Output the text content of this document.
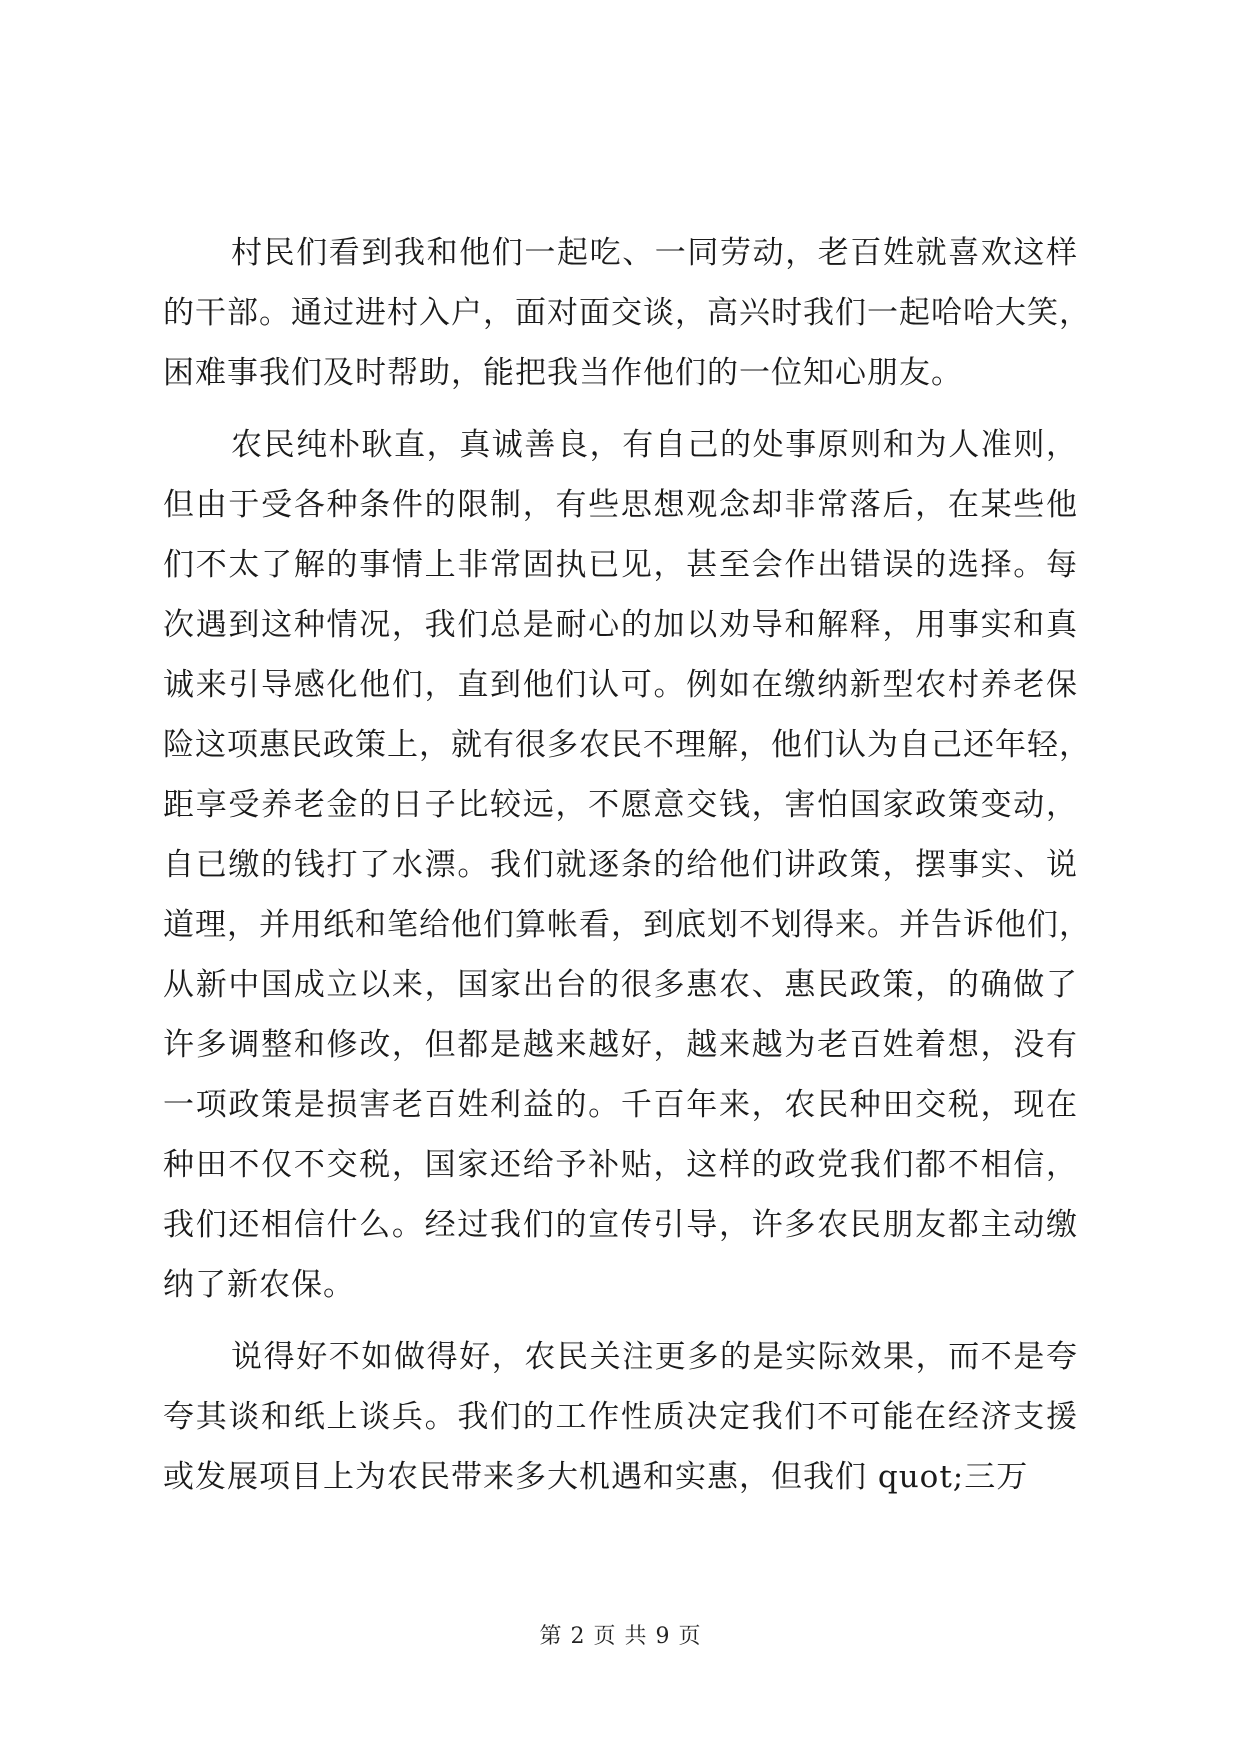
村民们看到我和他们一起吃、一同劳动，老百姓就喜欢这样
的干部。通过进村入户，面对面交谈，高兴时我们一起哈哈大笑，
困难事我们及时帮助，能把我当作他们的一位知心朋友。
农民纯朴耿直，真诚善良，有自己的处事原则和为人准则，
但由于受各种条件的限制，有些思想观念却非常落后，在某些他
们不太了解的事情上非常固执已见，甚至会作出错误的选择。每
次遇到这种情况，我们总是耐心的加以劝导和解释，用事实和真
诚来引导感化他们，直到他们认可。例如在缴纳新型农村养老保
险这项惠民政策上，就有很多农民不理解，他们认为自己还年轻，
距享受养老金的日子比较远，不愿意交钱，害怕国家政策变动，
自已缴的钱打了水漂。我们就逐条的给他们讲政策，摆事实、说
道理，并用纸和笔给他们算帐看，到底划不划得来。并告诉他们，
从新中国成立以来，国家出台的很多惠农、惠民政策，的确做了
许多调整和修改，但都是越来越好，越来越为老百姓着想，没有
一项政策是损害老百姓利益的。千百年来，农民种田交税，现在
种田不仅不交税，国家还给予补贴，这样的政党我们都不相信，
我们还相信什么。经过我们的宣传引导，许多农民朋友都主动缴
纳了新农保。
说得好不如做得好，农民关注更多的是实际效果，而不是夸
夸其谈和纸上谈兵。我们的工作性质决定我们不可能在经济支援
或发展项目上为农民带来多大机遇和实惠，但我们 quot;三万
第 2 页 共 9 页
